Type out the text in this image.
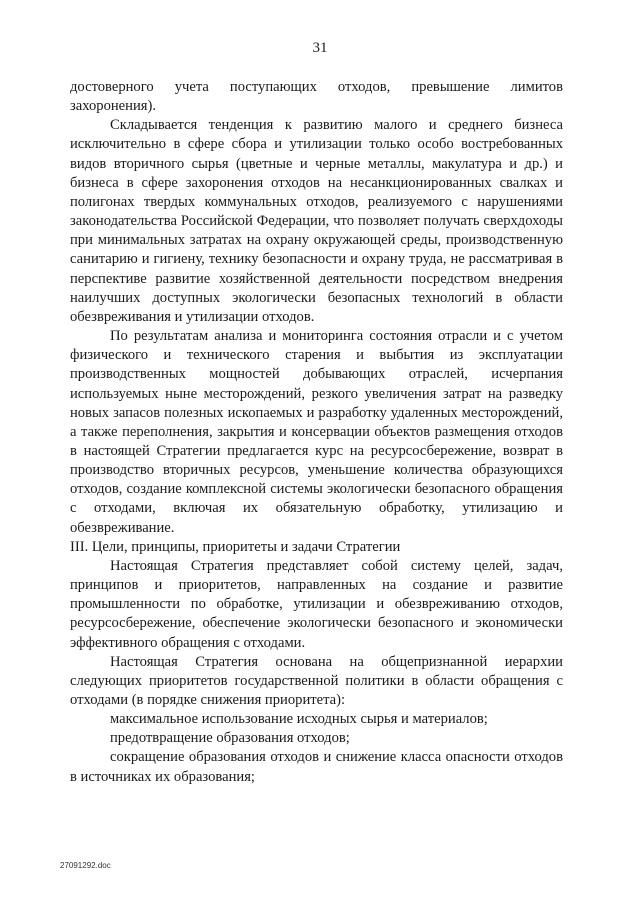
31

достоверного учета поступающих отходов, превышение лимитов захоронения).

Складывается тенденция к развитию малого и среднего бизнеса исключительно в сфере сбора и утилизации только особо востребованных видов вторичного сырья (цветные и черные металлы, макулатура и др.) и бизнеса в сфере захоронения отходов на несанкционированных свалках и полигонах твердых коммунальных отходов, реализуемого с нарушениями законодательства Российской Федерации, что позволяет получать сверхдоходы при минимальных затратах на охрану окружающей среды, производственную санитарию и гигиену, технику безопасности и охрану труда, не рассматривая в перспективе развитие хозяйственной деятельности посредством внедрения наилучших доступных экологически безопасных технологий в области обезвреживания и утилизации отходов.

По результатам анализа и мониторинга состояния отрасли и с учетом физического и технического старения и выбытия из эксплуатации производственных мощностей добывающих отраслей, исчерпания используемых ныне месторождений, резкого увеличения затрат на разведку новых запасов полезных ископаемых и разработку удаленных месторождений, а также переполнения, закрытия и консервации объектов размещения отходов в настоящей Стратегии предлагается курс на ресурсосбережение, возврат в производство вторичных ресурсов, уменьшение количества образующихся отходов, создание комплексной системы экологически безопасного обращения с отходами, включая их обязательную обработку, утилизацию и обезвреживание.

III. Цели, принципы, приоритеты и задачи Стратегии

Настоящая Стратегия представляет собой систему целей, задач, принципов и приоритетов, направленных на создание и развитие промышленности по обработке, утилизации и обезвреживанию отходов, ресурсосбережение, обеспечение экологически безопасного и экономически эффективного обращения с отходами.

Настоящая Стратегия основана на общепризнанной иерархии следующих приоритетов государственной политики в области обращения с отходами (в порядке снижения приоритета):

максимальное использование исходных сырья и материалов;

предотвращение образования отходов;

сокращение образования отходов и снижение класса опасности отходов в источниках их образования;

27091292.doc
